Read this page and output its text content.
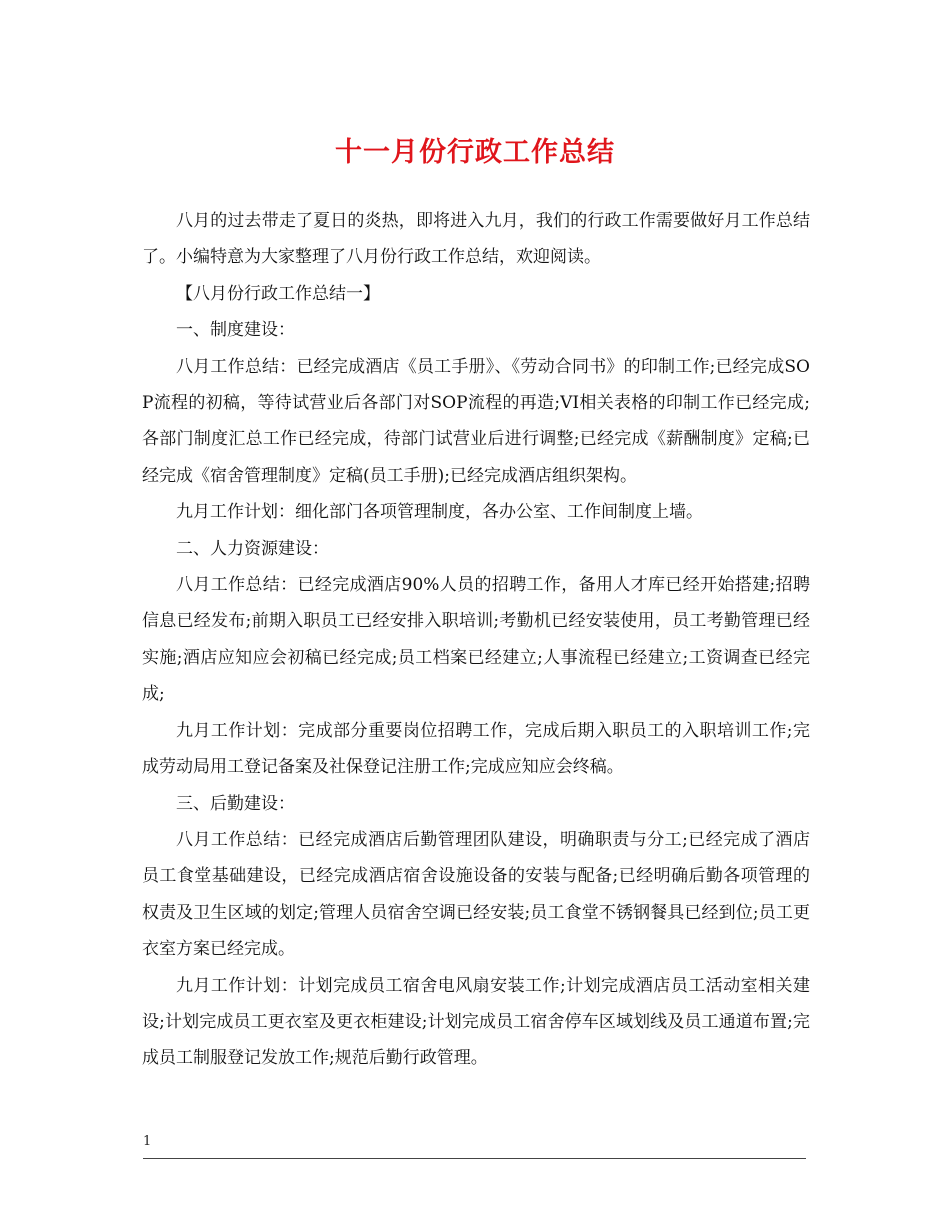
十一月份行政工作总结

八月的过去带走了夏日的炎热，即将进入九月，我们的行政工作需要做好月工作总结了。小编特意为大家整理了八月份行政工作总结，欢迎阅读。

【八月份行政工作总结一】

一、制度建设：

八月工作总结：已经完成酒店《员工手册》、《劳动合同书》的印制工作;已经完成SOP流程的初稿，等待试营业后各部门对SOP流程的再造;VI相关表格的印制工作已经完成;各部门制度汇总工作已经完成，待部门试营业后进行调整;已经完成《薪酬制度》定稿;已经完成《宿舍管理制度》定稿(员工手册);已经完成酒店组织架构。

九月工作计划：细化部门各项管理制度，各办公室、工作间制度上墙。

二、人力资源建设：

八月工作总结：已经完成酒店90%人员的招聘工作，备用人才库已经开始搭建;招聘信息已经发布;前期入职员工已经安排入职培训;考勤机已经安装使用，员工考勤管理已经实施;酒店应知应会初稿已经完成;员工档案已经建立;人事流程已经建立;工资调查已经完成;

九月工作计划：完成部分重要岗位招聘工作，完成后期入职员工的入职培训工作;完成劳动局用工登记备案及社保登记注册工作;完成应知应会终稿。

三、后勤建设：

八月工作总结：已经完成酒店后勤管理团队建设，明确职责与分工;已经完成了酒店员工食堂基础建设，已经完成酒店宿舍设施设备的安装与配备;已经明确后勤各项管理的权责及卫生区域的划定;管理人员宿舍空调已经安装;员工食堂不锈钢餐具已经到位;员工更衣室方案已经完成。

九月工作计划：计划完成员工宿舍电风扇安装工作;计划完成酒店员工活动室相关建设;计划完成员工更衣室及更衣柜建设;计划完成员工宿舍停车区域划线及员工通道布置;完成员工制服登记发放工作;规范后勤行政管理。

1
